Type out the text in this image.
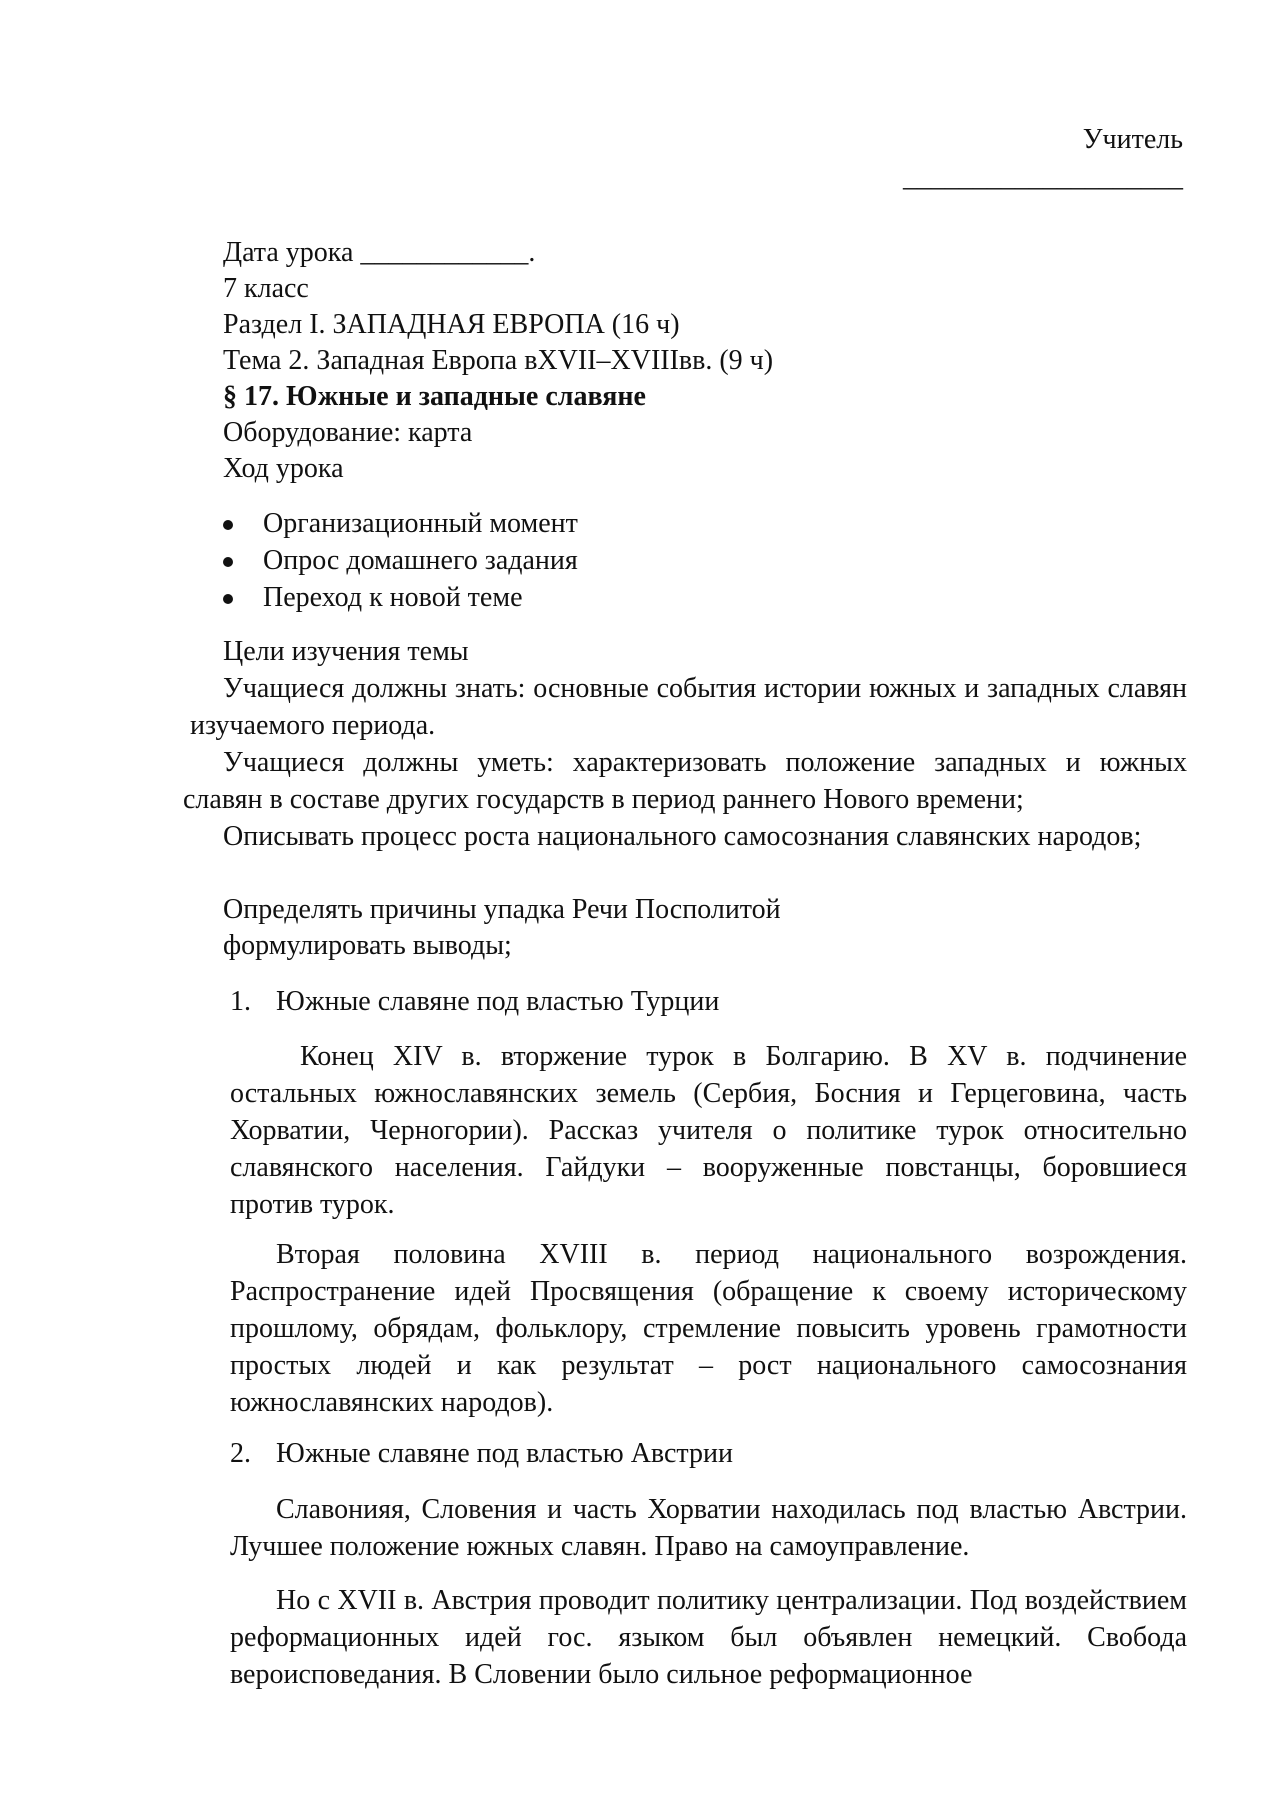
Учитель
____________________
Дата урока ____________.
7 класс
Раздел I. ЗАПАДНАЯ ЕВРОПА (16 ч)
Тема 2. Западная Европа вXVII–XVIIIвв. (9 ч)
§ 17. Южные и западные славяне
Оборудование: карта
Ход урока
Организационный момент
Опрос домашнего задания
Переход к новой теме
Цели изучения темы
Учащиеся должны знать: основные события истории южных и западных славян изучаемого периода.
Учащиеся должны уметь: характеризовать положение западных и южных славян в составе других государств в период раннего Нового времени;
Описывать процесс роста национального самосознания славянских народов;
Определять причины упадка Речи Посполитой
формулировать выводы;
1. Южные славяне под властью Турции
Конец XIV в. вторжение турок в Болгарию. В XV в. подчинение остальных южнославянских земель (Сербия, Босния и Герцеговина, часть Хорватии, Черногории). Рассказ учителя о политике турок относительно славянского населения. Гайдуки – вооруженные повстанцы, боровшиеся против турок.
Вторая половина XVIII в. период национального возрождения. Распространение идей Просвящения (обращение к своему историческому прошлому, обрядам, фольклору, стремление повысить уровень грамотности простых людей и как результат – рост национального самосознания южнославянских народов).
2. Южные славяне под властью Австрии
Славонияя, Словения и часть Хорватии находилась под властью Австрии. Лучшее положение южных славян. Право на самоуправление.
Но с XVII в. Австрия проводит политику централизации. Под воздействием реформационных идей гос. языком был объявлен немецкий. Свобода вероисповедания. В Словении было сильное реформационное
